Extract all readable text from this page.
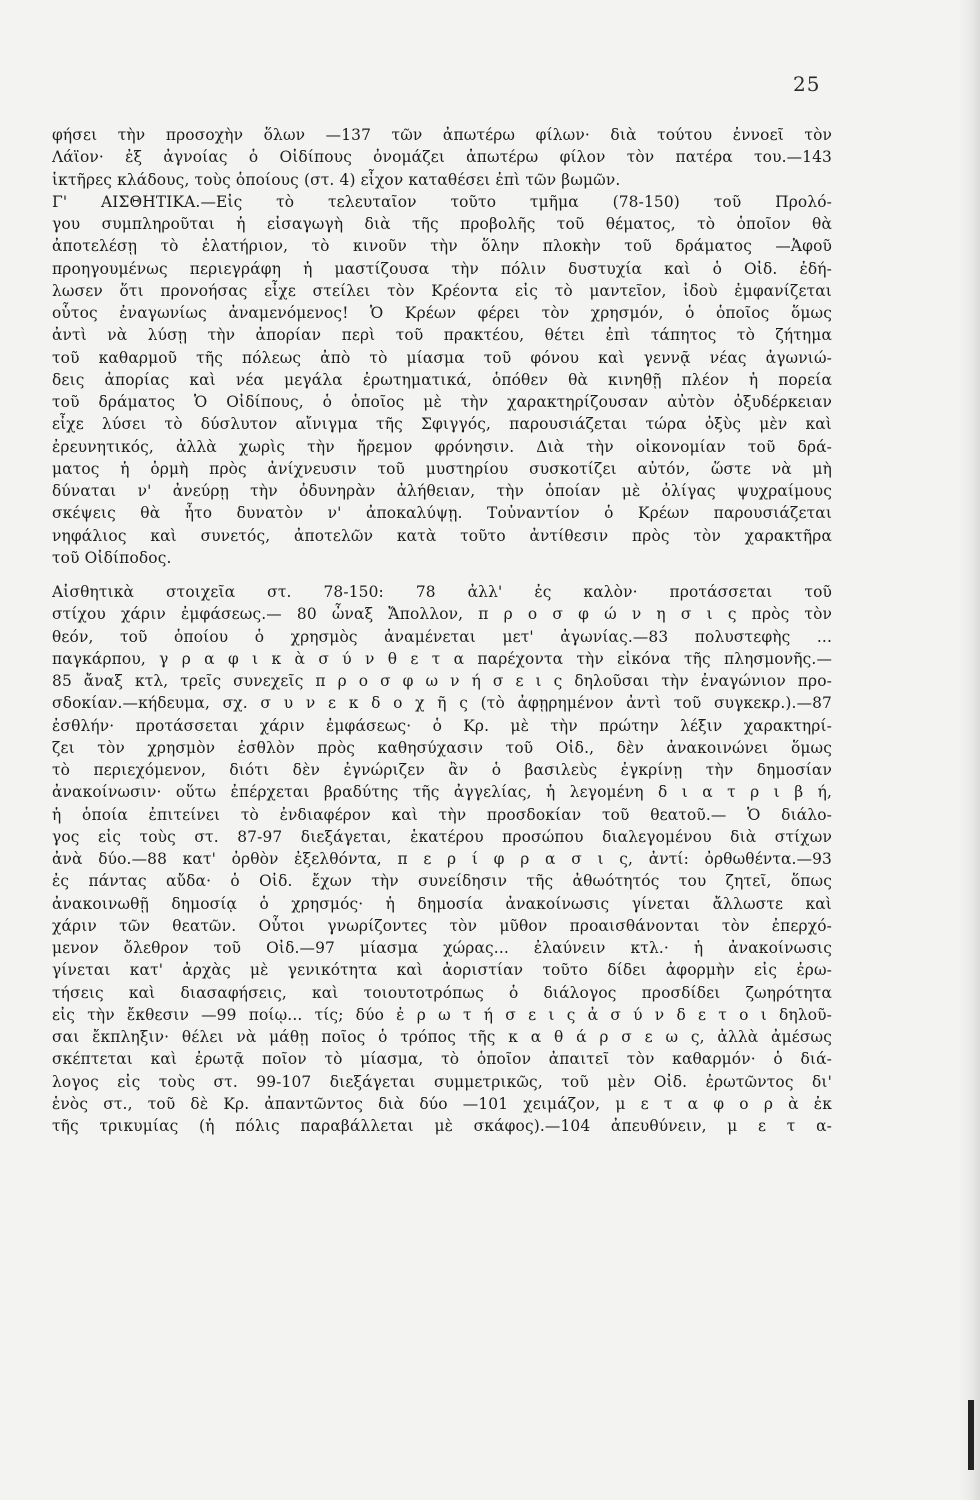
25
φήσει τὴν προσοχὴν ὅλων —137 τῶν ἀπωτέρω φίλων· διὰ τούτου ἐννοεῖ τὸν
Λάϊον· ἐξ ἀγνοίας ὁ Οἰδίπους ὀνομάζει ἀπωτέρω φίλον τὸν πατέρα του.—143
ἱκτῆρες κλάδους, τοὺς ὁποίους (στ. 4) εἶχον καταθέσει ἐπὶ τῶν βωμῶν.
Γ' ΑΙΣΘΗΤΙΚΑ.—Εἰς τὸ τελευταῖον τοῦτο τμῆμα (78-150) τοῦ Προλό-
γου συμπληροῦται ἡ εἰσαγωγὴ διὰ τῆς προβολῆς τοῦ θέματος, τὸ ὁποῖον θὰ
ἀποτελέσῃ τὸ ἐλατήριον, τὸ κινοῦν τὴν ὅλην πλοκὴν τοῦ δράματος —Ἀφοῦ
προηγουμένως περιεγράφη ἡ μαστίζουσα τὴν πόλιν δυστυχία καὶ ὁ Οἰδ. ἐδή-
λωσεν ὅτι προνοήσας εἶχε στείλει τὸν Κρέοντα εἰς τὸ μαντεῖον, ἰδοὺ ἐμφανίζεται
οὗτος ἐναγωνίως ἀναμενόμενος! Ὁ Κρέων φέρει τὸν χρησμόν, ὁ ὁποῖος ὅμως
ἀντὶ νὰ λύσῃ τὴν ἀπορίαν περὶ τοῦ πρακτέου, θέτει ἐπὶ τάπητος τὸ ζήτημα
τοῦ καθαρμοῦ τῆς πόλεως ἀπὸ τὸ μίασμα τοῦ φόνου καὶ γεννᾷ νέας ἀγωνιώ-
δεις ἀπορίας καὶ νέα μεγάλα ἐρωτηματικά, ὁπόθεν θὰ κινηθῇ πλέον ἡ πορεία
τοῦ δράματος Ὁ Οἰδίπους, ὁ ὁποῖος μὲ τὴν χαρακτηρίζουσαν αὐτὸν ὀξυδέρκειαν
εἶχε λύσει τὸ δύσλυτον αἴνιγμα τῆς Σφιγγός, παρουσιάζεται τώρα ὀξὺς μὲν καὶ
ἐρευνητικός, ἀλλὰ χωρὶς τὴν ἤρεμον φρόνησιν. Διὰ τὴν οἰκονομίαν τοῦ δρά-
ματος ἡ ὁρμὴ πρὸς ἀνίχνευσιν τοῦ μυστηρίου συσκοτίζει αὐτόν, ὥστε νὰ μὴ
δύναται ν' ἀνεύρῃ τὴν ὀδυνηρὰν ἀλήθειαν, τὴν ὁποίαν μὲ ὀλίγας ψυχραίμους
σκέψεις θὰ ἦτο δυνατὸν ν' ἀποκαλύψῃ. Τοὐναντίον ὁ Κρέων παρουσιάζεται
νηφάλιος καὶ συνετός, ἀποτελῶν κατὰ τοῦτο ἀντίθεσιν πρὸς τὸν χαρακτῆρα
τοῦ Οἰδίποδος.
Αἰσθητικὰ στοιχεῖα στ. 78-150: 78 ἀλλ' ἐς καλὸν· προτάσσεται τοῦ
στίχου χάριν ἐμφάσεως.— 80 ὦναξ Ἄπολλον, π ρ ο σ φ ώ ν η σ ι ς πρὸς τὸν
θεόν, τοῦ ὁποίου ὁ χρησμὸς ἀναμένεται μετ' ἀγωνίας.—83 πολυστεφὴς ...
παγκάρπου, γ ρ α φ ι κ ὰ σ ύ ν θ ε τ α παρέχοντα τὴν εἰκόνα τῆς πλησμονῆς.—
85 ἄναξ κτλ, τρεῖς συνεχεῖς π ρ ο σ φ ω ν ή σ ε ι ς δηλοῦσαι τὴν ἐναγώνιον προ-
σδοκίαν.—κήδευμα, σχ. σ υ ν ε κ δ ο χ ῆ ς (τὸ ἀφῃρημένον ἀντὶ τοῦ συγκεκρ.).—87
ἐσθλήν· προτάσσεται χάριν ἐμφάσεως· ὁ Κρ. μὲ τὴν πρώτην λέξιν χαρακτηρί-
ζει τὸν χρησμὸν ἐσθλὸν πρὸς καθησύχασιν τοῦ Οἰδ., δὲν ἀνακοινώνει ὅμως
τὸ περιεχόμενον, διότι δὲν ἐγνώριζεν ἂν ὁ βασιλεὺς ἐγκρίνῃ τὴν δημοσίαν
ἀνακοίνωσιν· οὕτω ἐπέρχεται βραδύτης τῆς ἀγγελίας, ἡ λεγομένη δ ι α τ ρ ι β ή,
ἡ ὁποία ἐπιτείνει τὸ ἐνδιαφέρον καὶ τὴν προσδοκίαν τοῦ θεατοῦ.— Ὁ διάλο-
γος εἰς τοὺς στ. 87-97 διεξάγεται, ἑκατέρου προσώπου διαλεγομένου διὰ στίχων
ἀνὰ δύο.—88 κατ' ὀρθὸν ἐξελθόντα, π ε ρ ί φ ρ α σ ι ς, ἀντί: ὀρθωθέντα.—93
ἐς πάντας αὔδα· ὁ Οἰδ. ἔχων τὴν συνείδησιν τῆς ἀθωότητός του ζητεῖ, ὅπως
ἀνακοινωθῇ δημοσίᾳ ὁ χρησμός· ἡ δημοσία ἀνακοίνωσις γίνεται ἄλλωστε καὶ
χάριν τῶν θεατῶν. Οὗτοι γνωρίζοντες τὸν μῦθον προαισθάνονται τὸν ἐπερχό-
μενον ὄλεθρον τοῦ Οἰδ.—97 μίασμα χώρας... ἐλαύνειν κτλ.· ἡ ἀνακοίνωσις
γίνεται κατ' ἀρχὰς μὲ γενικότητα καὶ ἀοριστίαν τοῦτο δίδει ἀφορμὴν εἰς ἐρω-
τήσεις καὶ διασαφήσεις, καὶ τοιουτοτρόπως ὁ διάλογος προσδίδει ζωηρότητα
εἰς τὴν ἔκθεσιν —99 ποίῳ... τίς; δύο ἐ ρ ω τ ή σ ε ι ς ἀ σ ύ ν δ ε τ ο ι δηλοῦ-
σαι ἔκπληξιν· θέλει νὰ μάθῃ ποῖος ὁ τρόπος τῆς κ α θ ά ρ σ ε ω ς, ἀλλὰ ἀμέσως
σκέπτεται καὶ ἐρωτᾷ ποῖον τὸ μίασμα, τὸ ὁποῖον ἀπαιτεῖ τὸν καθαρμόν· ὁ διά-
λογος εἰς τοὺς στ. 99-107 διεξάγεται συμμετρικῶς, τοῦ μὲν Οἰδ. ἐρωτῶντος δι'
ἑνὸς στ., τοῦ δὲ Κρ. ἀπαντῶντος διὰ δύο —101 χειμάζον, μ ε τ α φ ο ρ ὰ ἐκ
τῆς τρικυμίας (ἡ πόλις παραβάλλεται μὲ σκάφος).—104 ἀπευθύνειν, μ ε τ α-
